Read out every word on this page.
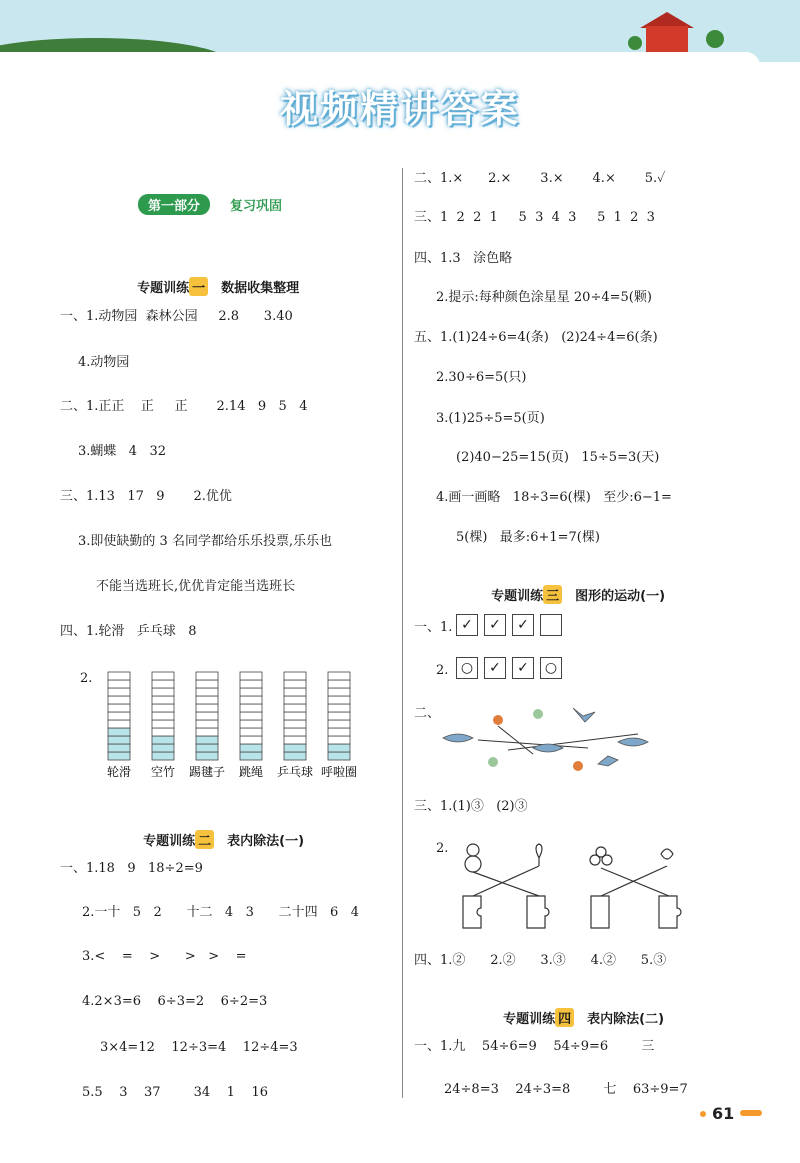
视频精讲答案
第一部分	复习巩固

专题训练 一 数据收集整理

一、1.动物园  森林公园     2.8      3.40
4.动物园
二、1.正正    正     正       2.14   9   5   4
3.蝴蝶   4   32
三、1.13   17   9       2.优优
3.即使缺勤的 3 名同学都给乐乐投票,乐乐也
不能当选班长,优优肯定能当选班长
四、1.轮滑   乒乓球   8
2.
轮滑 空竹 踢毽子 跳绳 乒乓球 呼啦圈

专题训练 二 表内除法(一)

一、1.18   9   18÷2=9
2.一十   5   2      十二   4   3      二十四   6   4
3.<    =    >      >   >    =
4.2×3=6    6÷3=2    6÷2=3
3×4=12    12÷3=4    12÷4=3
5.5    3    37        34    1    16
二、1.×      2.×       3.×       4.×       5.✓
三、1  2  2  1     5  3  4  3     5  1  2  3
四、1.3   涂色略
2.提示:每种颜色涂星星 20÷4=5(颗)
五、1.(1)24÷6=4(条)   (2)24÷4=6(条)
2.30÷6=5(只)
3.(1)25÷5=5(页)
(2)40−25=15(页)   15÷5=3(天)
4.画一画略   18÷3=6(棵)   至少:6−1=
5(棵)   最多:6+1=7(棵)

专题训练 三 图形的运动(一)

一、1. ✓	✓	✓
2. ○	✓	✓	○
二、
三、1.(1)③   (2)③
2.
四、1.②      2.②      3.③      4.②      5.③

专题训练 四 表内除法(二)

一、1.九    54÷6=9    54÷9=6        三
24÷8=3    24÷3=8        七    63÷9=7
61
